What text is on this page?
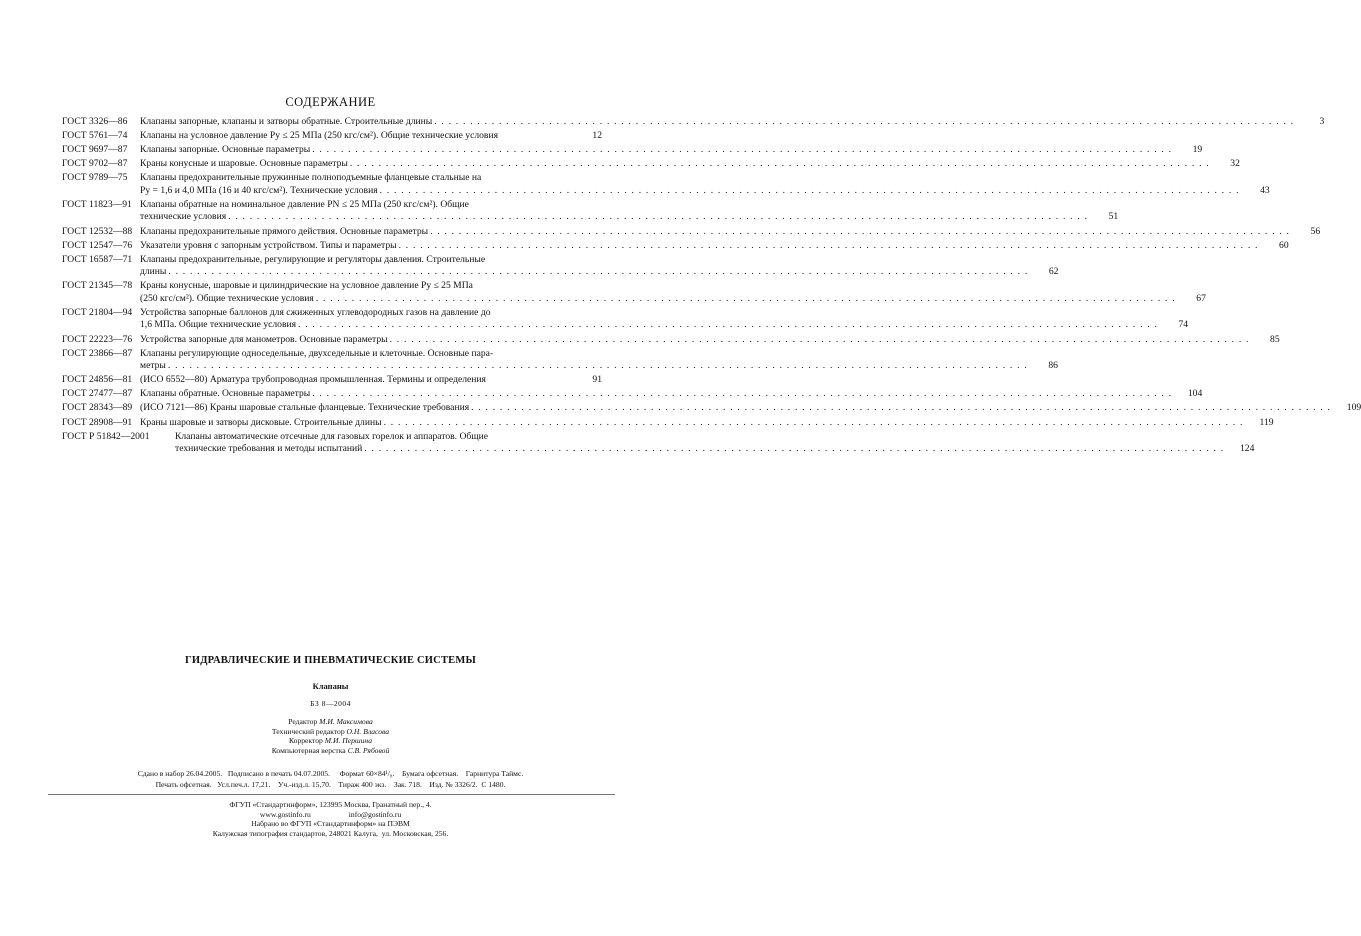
СОДЕРЖАНИЕ
ГОСТ 3326—86	Клапаны запорные, клапаны и затворы обратные. Строительные длины . . . . . . . . . . . . . . . . . . . . . . . . . . . . . . . . . . . . . . . . . . . . . . . . . . . . . . . . . . . . . . . . . . . . . . . . . . . . . . . . . . . . . . . . . . . . . . . . . . . . . . . . . . . . . . . . . . . . . . . .	3
ГОСТ 5761—74	Клапаны на условное давление Pу ≤ 25 МПа (250 кгс/см²). Общие технические условия	12
ГОСТ 9697—87	Клапаны запорные. Основные параметры . . . . . . . . . . . . . . . . . . . . . . . . . . . . . . . . . . . . . . . . . . . . . . . . . . . . . . . . . . . . . . . . . . . . . . . . . . . . . . . . . . . . . . . . . . . . . . . . . . . . . . . . . . . . . . . . . . . . . . . .	19
ГОСТ 9702—87	Краны конусные и шаровые. Основные параметры . . . . . . . . . . . . . . . . . . . . . . . . . . . . . . . . . . . . . . . . . . . . . . . . . . . . . . . . . . . . . . . . . . . . . . . . . . . . . . . . . . . . . . . . . . . . . . . . . . . . . . . . . . . . . . . . . . . . . . . .	32
ГОСТ 9789—75	Клапаны предохранительные пружинные полноподъемные фланцевые стальные на
Pу = 1,6 и 4,0 МПа (16 и 40 кгс/см²). Технические условия . . . . . . . . . . . . . . . . . . . . . . . . . . . . . . . . . . . . . . . . . . . . . . . . . . . . . . . . . . . . . . . . . . . . . . . . . . . . . . . . . . . . . . . . . . . . . . . . . . . . . . . . . . . . . . . . . . . . . . . .	43
ГОСТ 11823—91 Клапаны обратные на номинальное давление PN ≤ 25 МПа (250 кгс/см²). Общие
технические условия . . . . . . . . . . . . . . . . . . . . . . . . . . . . . . . . . . . . . . . . . . . . . . . . . . . . . . . . . . . . . . . . . . . . . . . . . . . . . . . . . . . . . . . . . . . . . . . . . . . . . . . . . . . . . . . . . . . . . . . .	51
ГОСТ 12532—88 Клапаны предохранительные прямого действия. Основные параметры . . . . . . . . . . . . . . . . . . . . . . . . . . . . . . . . . . . . . . . . . . . . . . . . . . . . . . . . . . . . . . . . . . . . . . . . . . . . . . . . . . . . . . . . . . . . . . . . . . . . . . . . . . . . . . . . . . . . . . . .	56
ГОСТ 12547—76 Указатели уровня с запорным устройством. Типы и параметры . . . . . . . . . . . . . . . . . . . . . . . . . . . . . . . . . . . . . . . . . . . . . . . . . . . . . . . . . . . . . . . . . . . . . . . . . . . . . . . . . . . . . . . . . . . . . . . . . . . . . . . . . . . . . . . . . . . . . . . .	60
ГОСТ 16587—71 Клапаны предохранительные, регулирующие и регуляторы давления. Строительные
длины . . . . . . . . . . . . . . . . . . . . . . . . . . . . . . . . . . . . . . . . . . . . . . . . . . . . . . . . . . . . . . . . . . . . . . . . . . . . . . . . . . . . . . . . . . . . . . . . . . . . . . . . . . . . . . . . . . . . . . . .	62
ГОСТ 21345—78 Краны конусные, шаровые и цилиндрические на условное давление Pу ≤ 25 МПа
(250 кгс/см²). Общие технические условия . . . . . . . . . . . . . . . . . . . . . . . . . . . . . . . . . . . . . . . . . . . . . . . . . . . . . . . . . . . . . . . . . . . . . . . . . . . . . . . . . . . . . . . . . . . . . . . . . . . . . . . . . . . . . . . . . . . . . . . .	67
ГОСТ 21804—94 Устройства запорные баллонов для сжиженных углеводородных газов на давление до
1,6 МПа. Общие технические условия . . . . . . . . . . . . . . . . . . . . . . . . . . . . . . . . . . . . . . . . . . . . . . . . . . . . . . . . . . . . . . . . . . . . . . . . . . . . . . . . . . . . . . . . . . . . . . . . . . . . . . . . . . . . . . . . . . . . . . . .	74
ГОСТ 22223—76 Устройства запорные для манометров. Основные параметры . . . . . . . . . . . . . . . . . . . . . . . . . . . . . . . . . . . . . . . . . . . . . . . . . . . . . . . . . . . . . . . . . . . . . . . . . . . . . . . . . . . . . . . . . . . . . . . . . . . . . . . . . . . . . . . . . . . . . . . .	85
ГОСТ 23866—87 Клапаны регулирующие односедельные, двухседельные и клеточные. Основные пара-
метры . . . . . . . . . . . . . . . . . . . . . . . . . . . . . . . . . . . . . . . . . . . . . . . . . . . . . . . . . . . . . . . . . . . . . . . . . . . . . . . . . . . . . . . . . . . . . . . . . . . . . . . . . . . . . . . . . . . . . . . .	86
ГОСТ 24856—81 (ИСО 6552—80) Арматура трубопроводная промышленная. Термины и определения	91
ГОСТ 27477—87 Клапаны обратные. Основные параметры . . . . . . . . . . . . . . . . . . . . . . . . . . . . . . . . . . . . . . . . . . . . . . . . . . . . . . . . . . . . . . . . . . . . . . . . . . . . . . . . . . . . . . . . . . . . . . . . . . . . . . . . . . . . . . . . . . . . . . . .	104
ГОСТ 28343—89 (ИСО 7121—86) Краны шаровые стальные фланцевые. Технические требования . . . . . . . . . . . . . . . . . . . . . . . . . . . . . . . . . . . . . . . . . . . . . . . . . . . . . . . . . . . . . . . . . . . . . . . . . . . . . . . . . . . . . . . . . . . . . . . . . . . . . . . . . . . . . . . . . . . . . . . .	109
ГОСТ 28908—91 Краны шаровые и затворы дисковые. Строительные длины . . . . . . . . . . . . . . . . . . . . . . . . . . . . . . . . . . . . . . . . . . . . . . . . . . . . . . . . . . . . . . . . . . . . . . . . . . . . . . . . . . . . . . . . . . . . . . . . . . . . . . . . . . . . . . . . . . . . . . . .	119
ГОСТ Р 51842—2001	Клапаны автоматические отсечные для газовых горелок и аппаратов. Общие
технические требования и методы испытаний . . . . . . . . . . . . . . . . . . . . . . . . . . . . . . . . . . . . . . . . . . . . . . . . . . . . . . . . . . . . . . . . . . . . . . . . . . . . . . . . . . . . . . . . . . . . . . . . . . . . . . . . . . . . . . . . . . . . . . . .	124
ГИДРАВЛИЧЕСКИЕ И ПНЕВМАТИЧЕСКИЕ СИСТЕМЫ
Клапаны
БЗ 8—2004
Редактор М.И. Максимова
Технический редактор О.Н. Власова
Корректор М.И. Першина
Компьютерная верстка С.В. Рябовой
Сдано в набор 26.04.2005.   Подписано в печать 04.07.2005.     Формат 60×84¹/₈.    Бумага офсетная.    Гарнитура Таймс.
Печать офсетная.   Усл.печ.л. 17,21.    Уч.-изд.л. 15,70.    Тираж 400 экз.    Зак. 718.    Изд. № 3326/2.  С 1480.
ФГУП «Стандартинформ», 123995 Москва, Гранатный пер., 4.
www.gostinfo.ru                    info@gostinfo.ru
Набрано во ФГУП «Стандартинформ» на ПЭВМ
Калужская типография стандартов, 248021 Калуга,  ул. Московская, 256.
